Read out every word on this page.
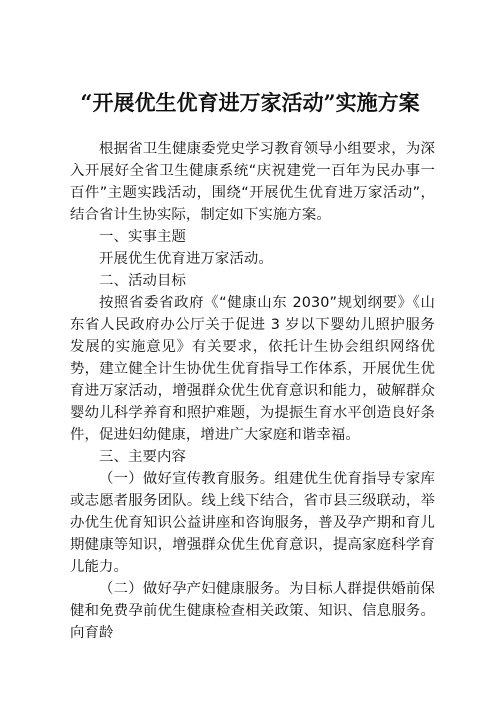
“开展优生优育进万家活动”实施方案

根据省卫生健康委党史学习教育领导小组要求，为深入开展好全省卫生健康系统“庆祝建党一百年为民办事一百件”主题实践活动，围绕“开展优生优育进万家活动”，结合省计生协实际，制定如下实施方案。

一、实事主题

开展优生优育进万家活动。

二、活动目标

按照省委省政府《“健康山东 2030”规划纲要》《山东省人民政府办公厅关于促进 3 岁以下婴幼儿照护服务发展的实施意见》有关要求，依托计生协会组织网络优势，建立健全计生协优生优育指导工作体系，开展优生优育进万家活动，增强群众优生优育意识和能力，破解群众婴幼儿科学养育和照护难题，为提振生育水平创造良好条件，促进妇幼健康，增进广大家庭和谐幸福。

三、主要内容

（一）做好宣传教育服务。组建优生优育指导专家库或志愿者服务团队。线上线下结合，省市县三级联动，举办优生优育知识公益讲座和咨询服务，普及孕产期和育儿期健康等知识，增强群众优生优育意识，提高家庭科学育儿能力。

（二）做好孕产妇健康服务。为目标人群提供婚前保健和免费孕前优生健康检查相关政策、知识、信息服务。向育龄
